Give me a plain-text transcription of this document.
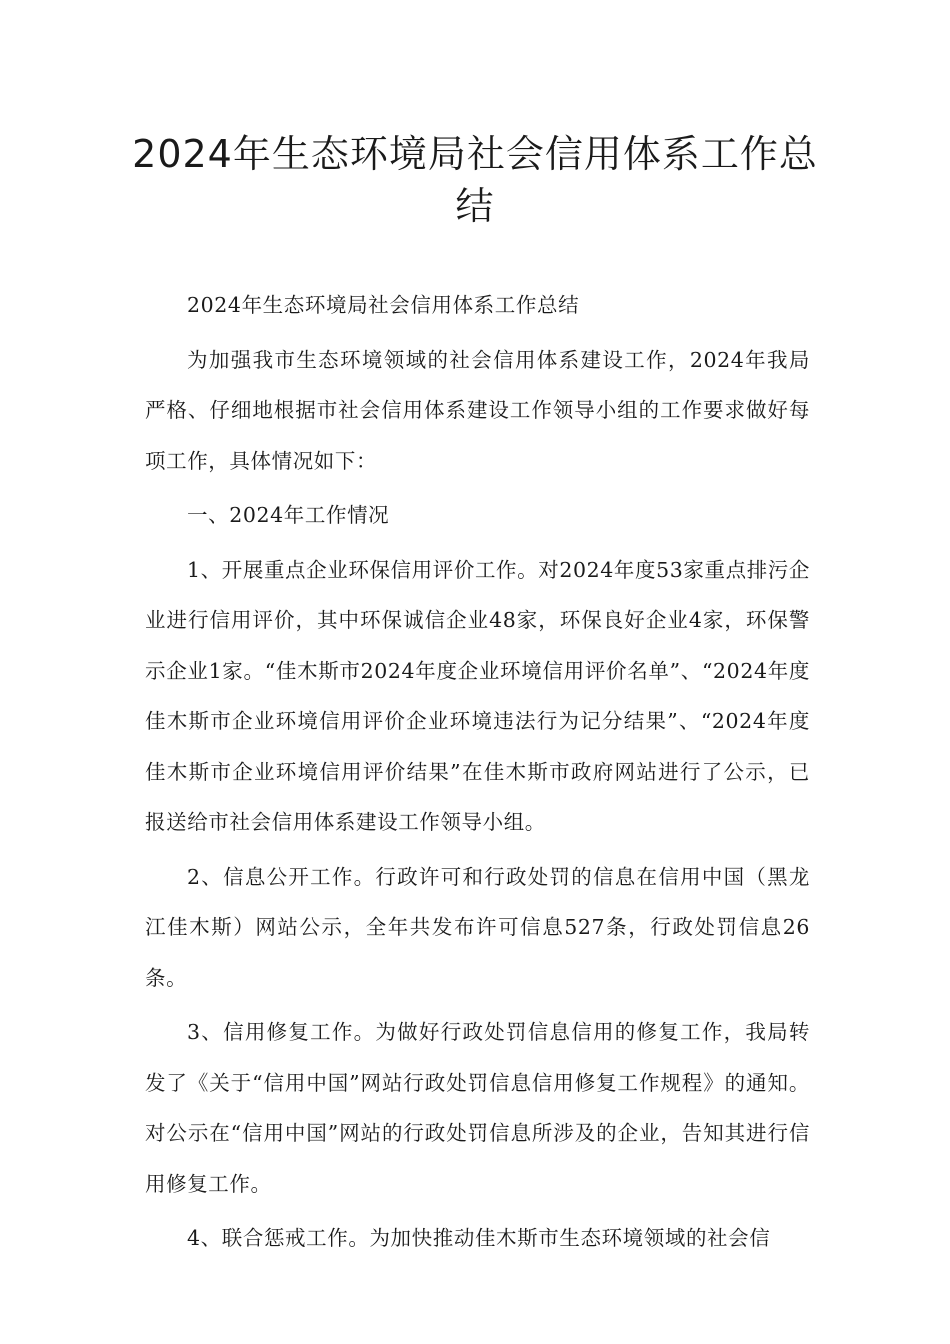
2024年生态环境局社会信用体系工作总结

2024年生态环境局社会信用体系工作总结

为加强我市生态环境领域的社会信用体系建设工作，2024年我局严格、仔细地根据市社会信用体系建设工作领导小组的工作要求做好每项工作，具体情况如下：

一、2024年工作情况

1、开展重点企业环保信用评价工作。对2024年度53家重点排污企业进行信用评价，其中环保诚信企业48家，环保良好企业4家，环保警示企业1家。“佳木斯市2024年度企业环境信用评价名单”、“2024年度佳木斯市企业环境信用评价企业环境违法行为记分结果”、“2024年度佳木斯市企业环境信用评价结果”在佳木斯市政府网站进行了公示，已报送给市社会信用体系建设工作领导小组。

2、信息公开工作。行政许可和行政处罚的信息在信用中国（黑龙江佳木斯）网站公示，全年共发布许可信息527条，行政处罚信息26条。

3、信用修复工作。为做好行政处罚信息信用的修复工作，我局转发了《关于“信用中国”网站行政处罚信息信用修复工作规程》的通知。对公示在“信用中国”网站的行政处罚信息所涉及的企业，告知其进行信用修复工作。

4、联合惩戒工作。为加快推动佳木斯市生态环境领域的社会信
